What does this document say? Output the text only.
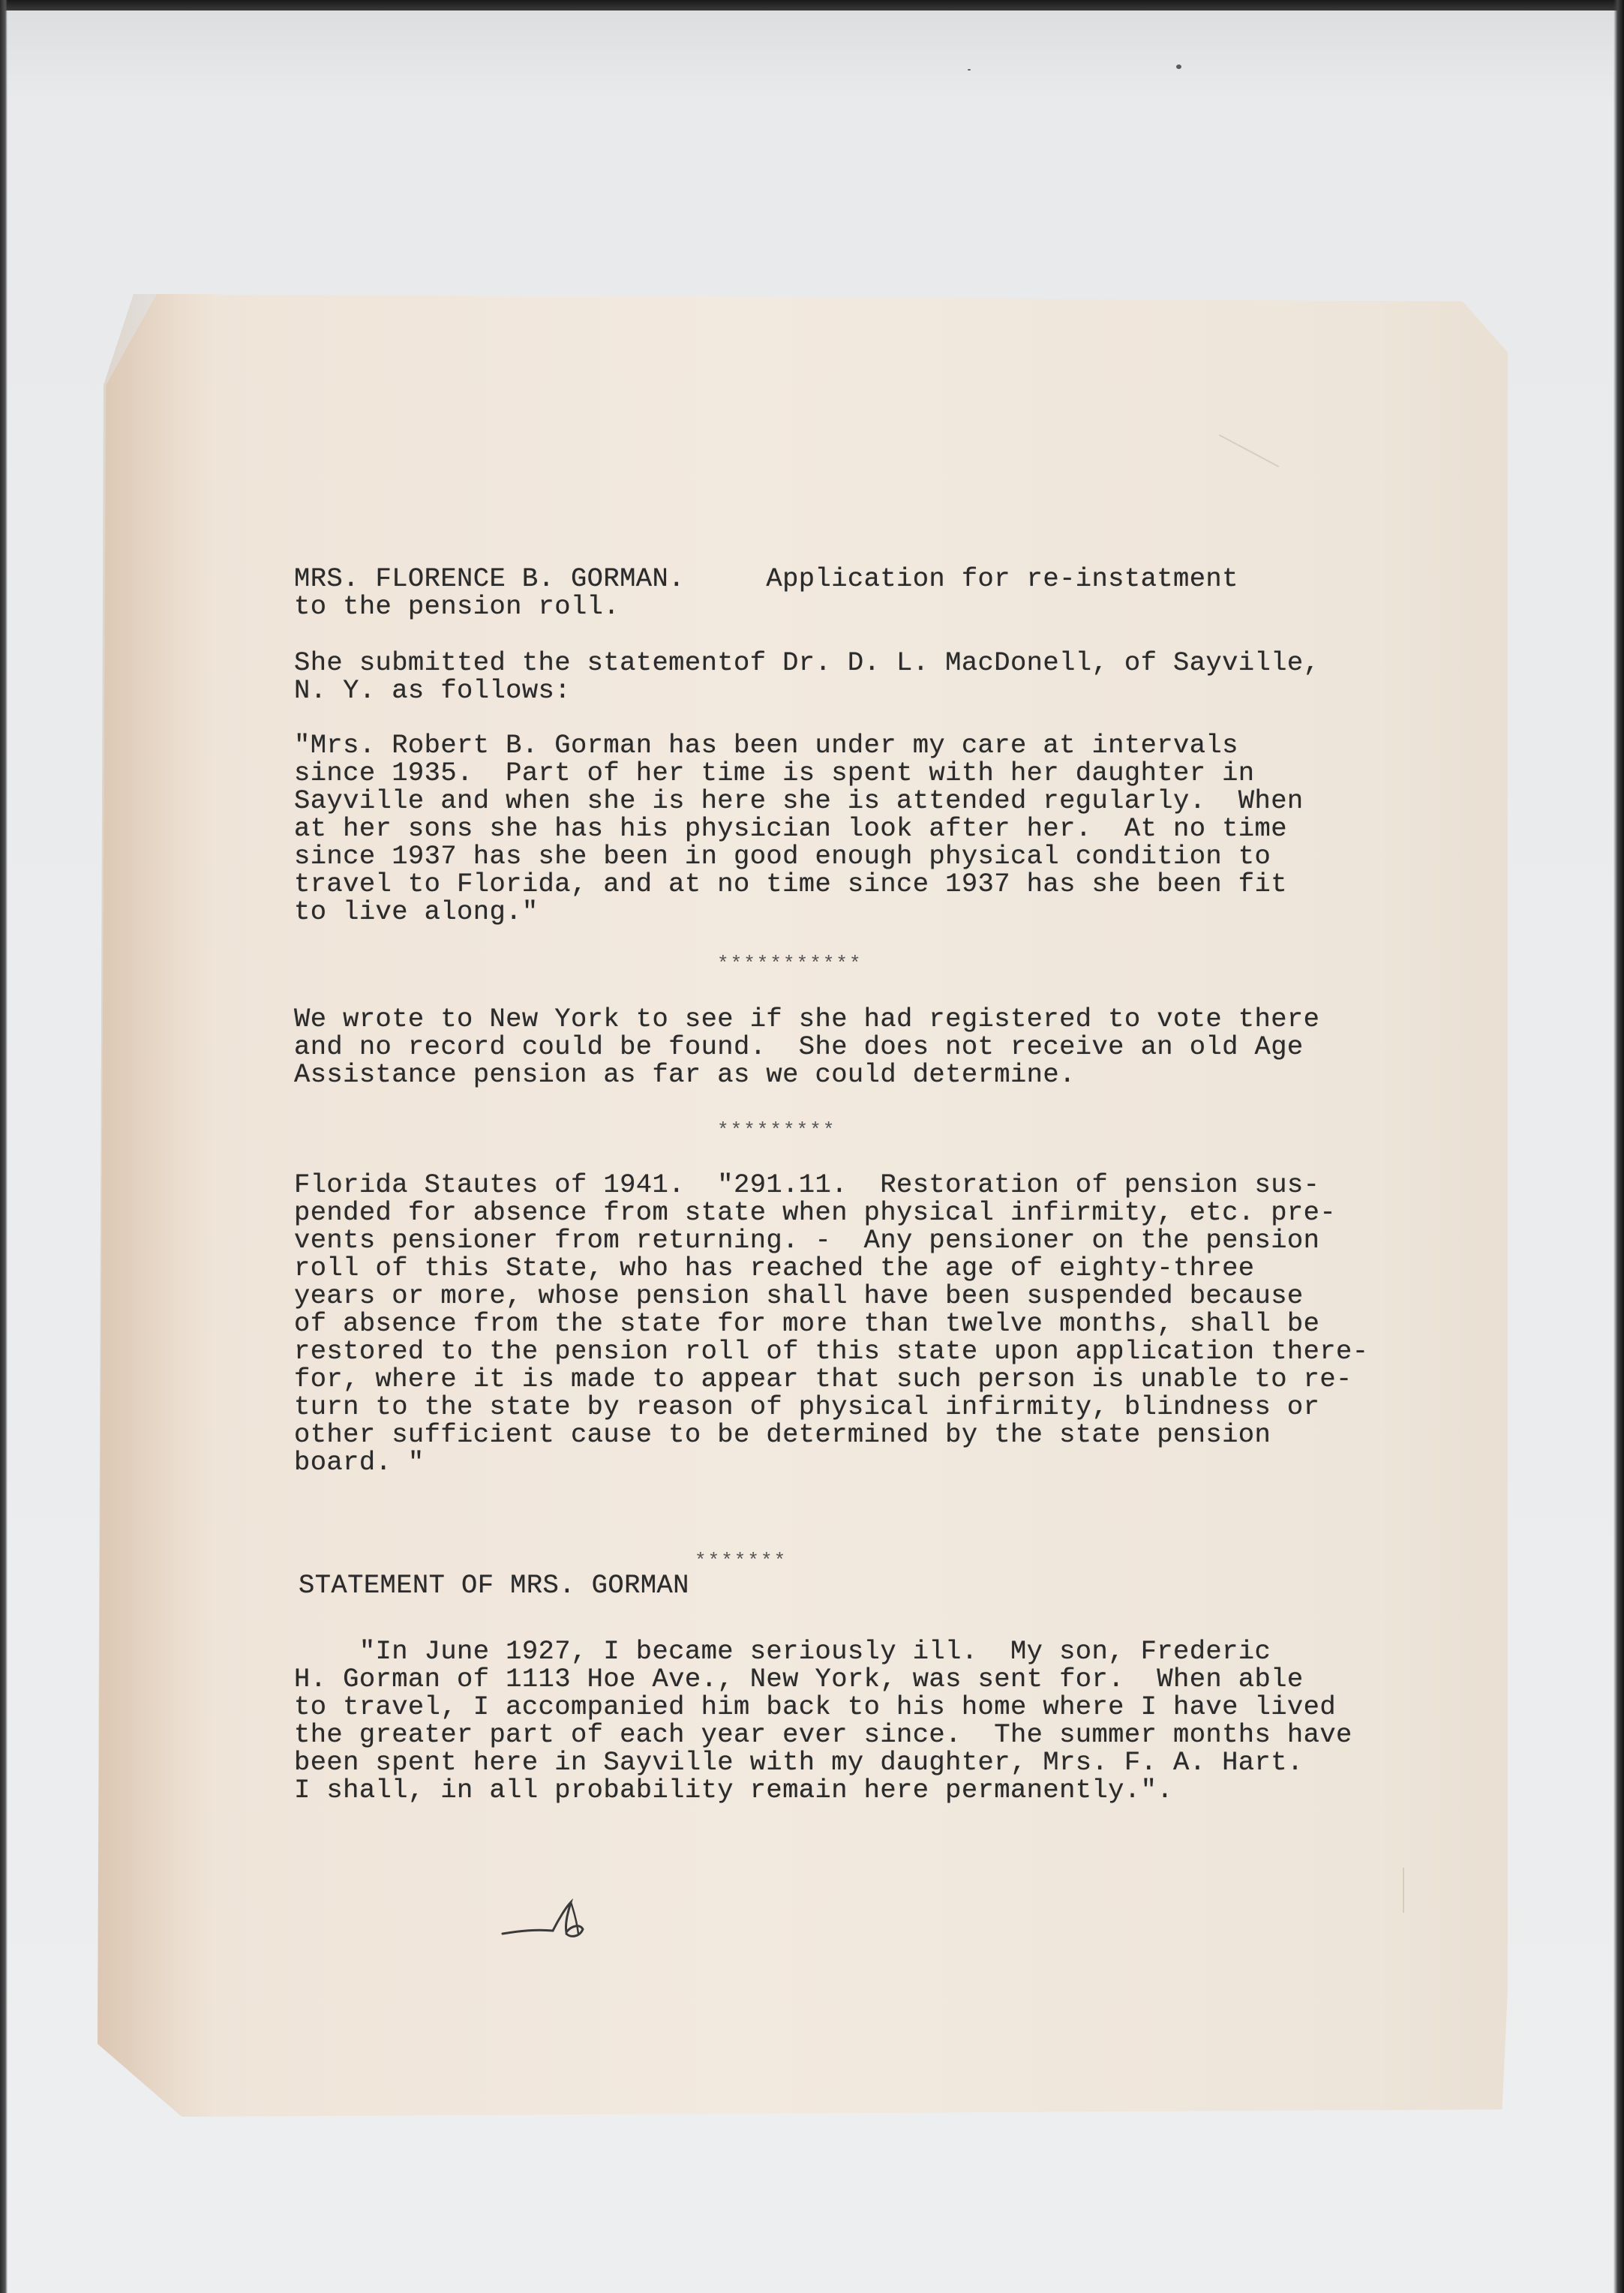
MRS. FLORENCE B. GORMAN.     Application for re-instatment

to the pension roll.

She submitted the statementof Dr. D. L. MacDonell, of Sayville,

N. Y. as follows:

"Mrs. Robert B. Gorman has been under my care at intervals

since 1935.  Part of her time is spent with her daughter in

Sayville and when she is here she is attended regularly.  When

at her sons she has his physician look after her.  At no time

since 1937 has she been in good enough physical condition to

travel to Florida, and at no time since 1937 has she been fit

to live along."

***********

We wrote to New York to see if she had registered to vote there

and no record could be found.  She does not receive an old Age

Assistance pension as far as we could determine.

*********

Florida Stautes of 1941.  "291.11.  Restoration of pension sus-

pended for absence from state when physical infirmity, etc. pre-

vents pensioner from returning. -  Any pensioner on the pension

roll of this State, who has reached the age of eighty-three

years or more, whose pension shall have been suspended because

of absence from the state for more than twelve months, shall be

restored to the pension roll of this state upon application there-

for, where it is made to appear that such person is unable to re-

turn to the state by reason of physical infirmity, blindness or

other sufficient cause to be determined by the state pension

board. "

*******

STATEMENT OF MRS. GORMAN

"In June 1927, I became seriously ill.  My son, Frederic

H. Gorman of 1113 Hoe Ave., New York, was sent for.  When able

to travel, I accompanied him back to his home where I have lived

the greater part of each year ever since.  The summer months have

been spent here in Sayville with my daughter, Mrs. F. A. Hart.

I shall, in all probability remain here permanently.".
